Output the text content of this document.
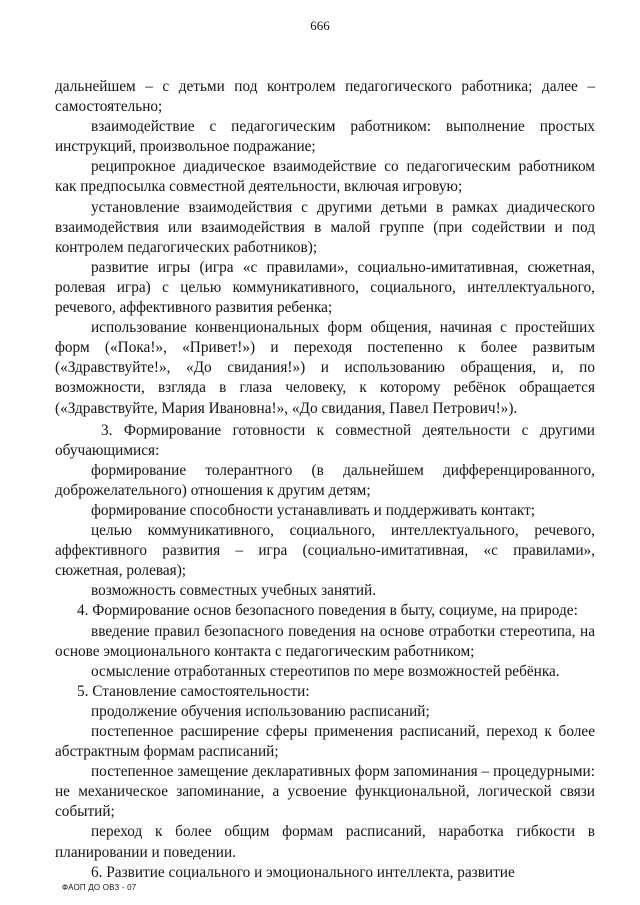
666

дальнейшем – с детьми под контролем педагогического работника; далее – самостоятельно;

взаимодействие с педагогическим работником: выполнение простых инструкций, произвольное подражание;

реципрокное диадическое взаимодействие со педагогическим работником как предпосылка совместной деятельности, включая игровую;

установление взаимодействия с другими детьми в рамках диадического взаимодействия или взаимодействия в малой группе (при содействии и под контролем педагогических работников);

развитие игры (игра «с правилами», социально-имитативная, сюжетная, ролевая игра) с целью коммуникативного, социального, интеллектуального, речевого, аффективного развития ребенка;

использование конвенциональных форм общения, начиная с простейших форм («Пока!», «Привет!») и переходя постепенно к более развитым («Здравствуйте!», «До свидания!») и использованию обращения, и, по возможности, взгляда в глаза человеку, к которому ребёнок обращается («Здравствуйте, Мария Ивановна!», «До свидания, Павел Петрович!»).

3. Формирование готовности к совместной деятельности с другими обучающимися:

формирование толерантного (в дальнейшем дифференцированного, доброжелательного) отношения к другим детям;

формирование способности устанавливать и поддерживать контакт;

целью коммуникативного, социального, интеллектуального, речевого, аффективного развития – игра (социально-имитативная, «с правилами», сюжетная, ролевая);

возможность совместных учебных занятий.

4. Формирование основ безопасного поведения в быту, социуме, на природе:

введение правил безопасного поведения на основе отработки стереотипа, на основе эмоционального контакта с педагогическим работником;

осмысление отработанных стереотипов по мере возможностей ребёнка.

5. Становление самостоятельности:

продолжение обучения использованию расписаний;

постепенное расширение сферы применения расписаний, переход к более абстрактным формам расписаний;

постепенное замещение декларативных форм запоминания – процедурными: не механическое запоминание, а усвоение функциональной, логической связи событий;

переход к более общим формам расписаний, наработка гибкости в планировании и поведении.

6. Развитие социального и эмоционального интеллекта, развитие

ФАОП ДО ОВЗ - 07
